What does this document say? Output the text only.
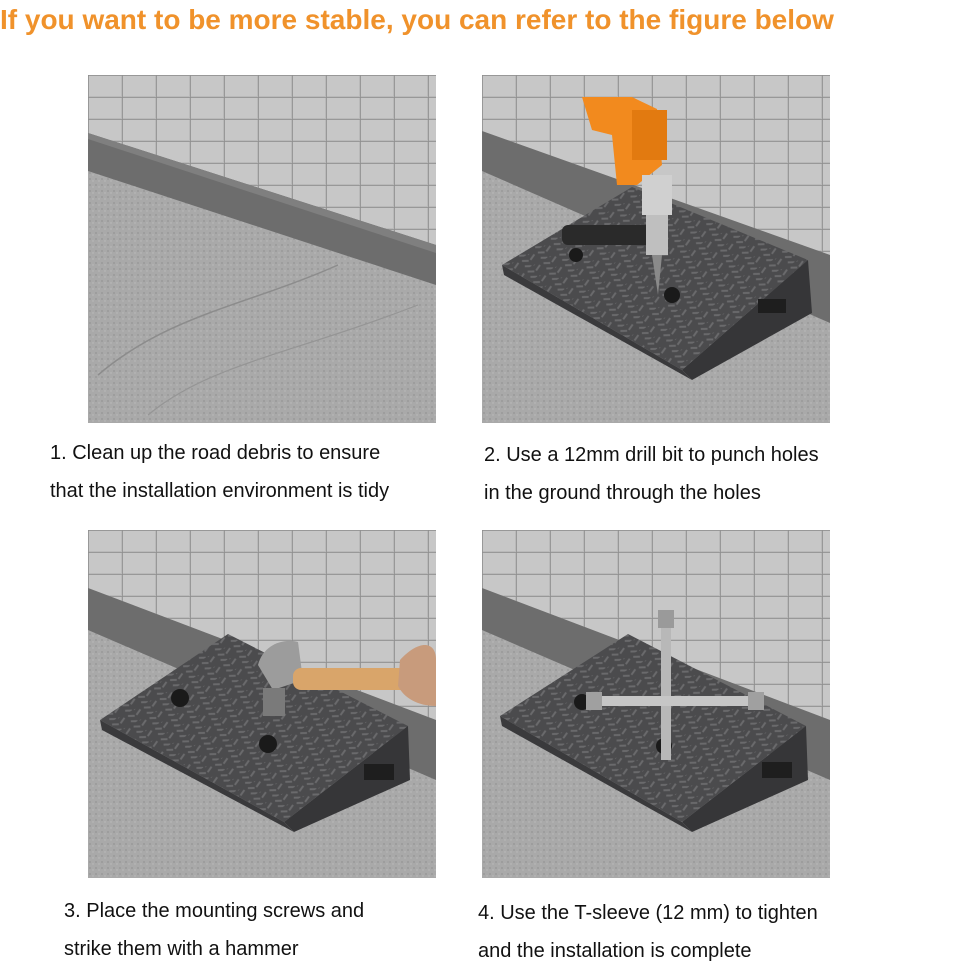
If you want to be more stable, you can refer to the figure below
1. Clean up the road debris to ensure
that the installation environment is tidy
2. Use a 12mm drill bit to punch holes
in the ground through the holes
3. Place the mounting screws and
strike them with a hammer
4. Use the T-sleeve (12 mm) to tighten
and the installation is complete
